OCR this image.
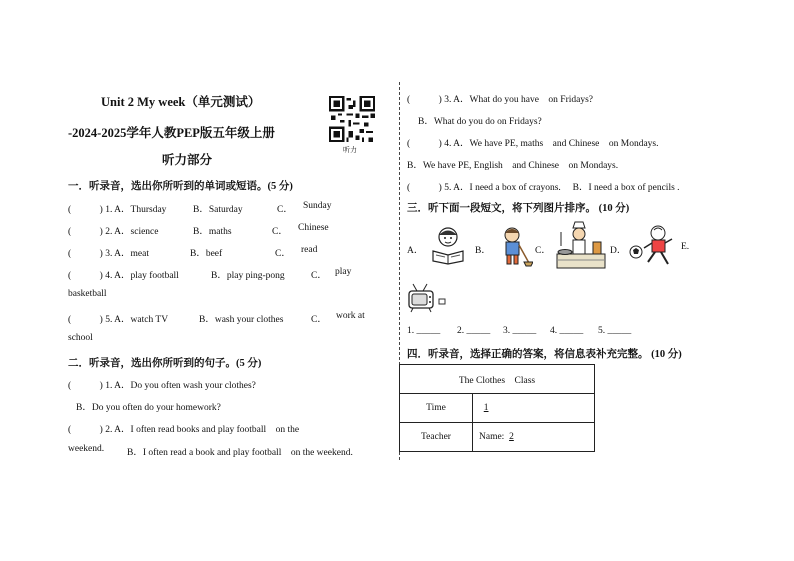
Unit 2 My week（单元测试）
-2024-2025学年人教PEP版五年级上册
听力部分
听力
一．听录音，选出你所听到的单词或短语。(5 分)
(　　　) 1. A．Thursday	B．Saturday	C． Sunday
(　　　) 2. A．science	B．maths	C． Chinese
(　　　) 3. A．meat	B．beef	C． read
(　　　) 4. A．play football	B．play ping-pong	C． play
basketball
(　　　) 5. A．watch TV	B．wash your clothes	C． work at
school
二．听录音，选出你所听到的句子。(5 分)
(　　　) 1. A．Do you often wash your clothes?
B．Do you often do your homework?
(　　　) 2. A．I often read books and play football　on the
weekend. B．I often read a book and play football　on the weekend.
(　　　) 3. A．What do you have　on Fridays?
B．What do you do on Fridays?
(　　　) 4. A．We have PE, maths　and Chinese　on Mondays.
B．We have PE, English　and Chinese　on Mondays.
(　　　) 5. A．I need a box of crayons.　 B．I need a box of pencils .
三．听下面一段短文，将下列图片排序。 (10 分)
A．	B．	C．	D．	E.
1. _____ 2. _____ 3. _____ 4. _____ 5. _____
四．听录音，选择正确的答案，将信息表补充完整。 (10 分)
The Clothes　Class	
Time	1
Teacher	Name: 2
